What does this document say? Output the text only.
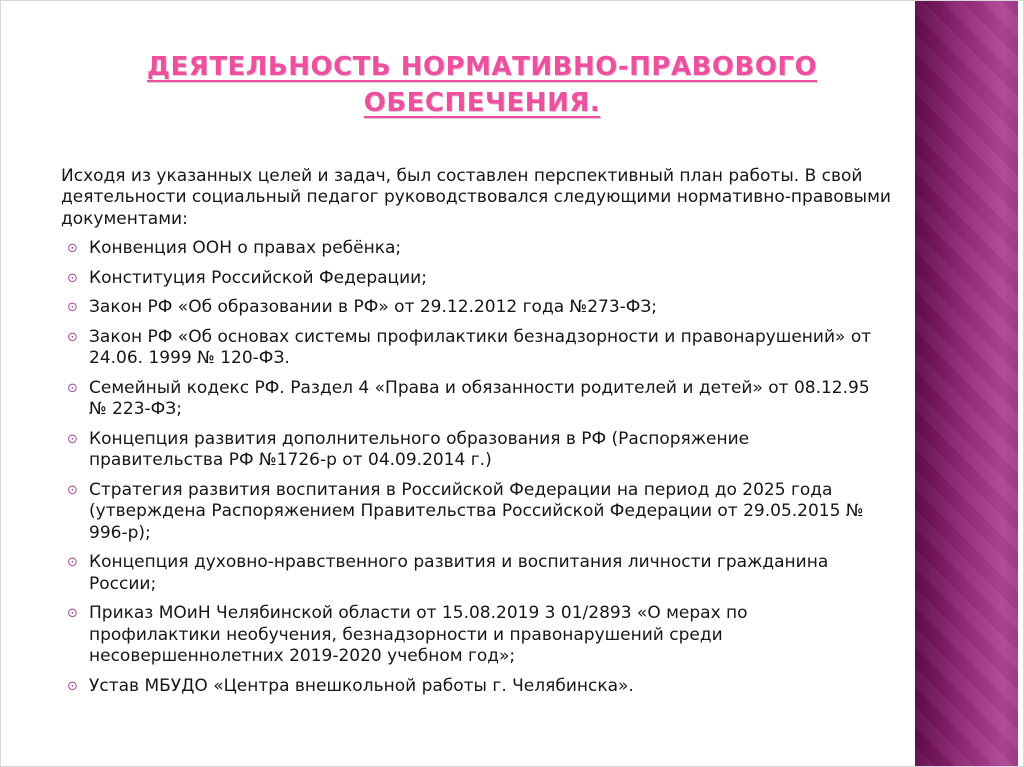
ДЕЯТЕЛЬНОСТЬ НОРМАТИВНО-ПРАВОВОГО ОБЕСПЕЧЕНИЯ.

Исходя из указанных целей и задач, был составлен перспективный план работы. В свой деятельности социальный педагог руководствовался следующими нормативно-правовыми документами:

⊙ Конвенция ООН о правах ребёнка;
⊙ Конституция Российской Федерации;
⊙ Закон РФ «Об образовании в РФ» от 29.12.2012 года №273-ФЗ;
⊙ Закон РФ «Об основах системы профилактики безнадзорности и правонарушений» от 24.06. 1999 № 120-ФЗ.
⊙ Семейный кодекс РФ. Раздел 4 «Права и обязанности родителей и детей» от 08.12.95 № 223-ФЗ;
⊙ Концепция развития дополнительного образования в РФ (Распоряжение правительства РФ №1726-р от 04.09.2014 г.)
⊙ Стратегия развития воспитания в Российской Федерации на период до 2025 года (утверждена Распоряжением Правительства Российской Федерации от 29.05.2015 № 996-р);
⊙ Концепция духовно-нравственного развития и воспитания личности гражданина России;
⊙ Приказ МОиН Челябинской области от 15.08.2019 3 01/2893 «О мерах по профилактики необучения, безнадзорности и правонарушений среди несовершеннолетних 2019-2020 учебном год»;
⊙ Устав МБУДО «Центра внешкольной работы г. Челябинска».
